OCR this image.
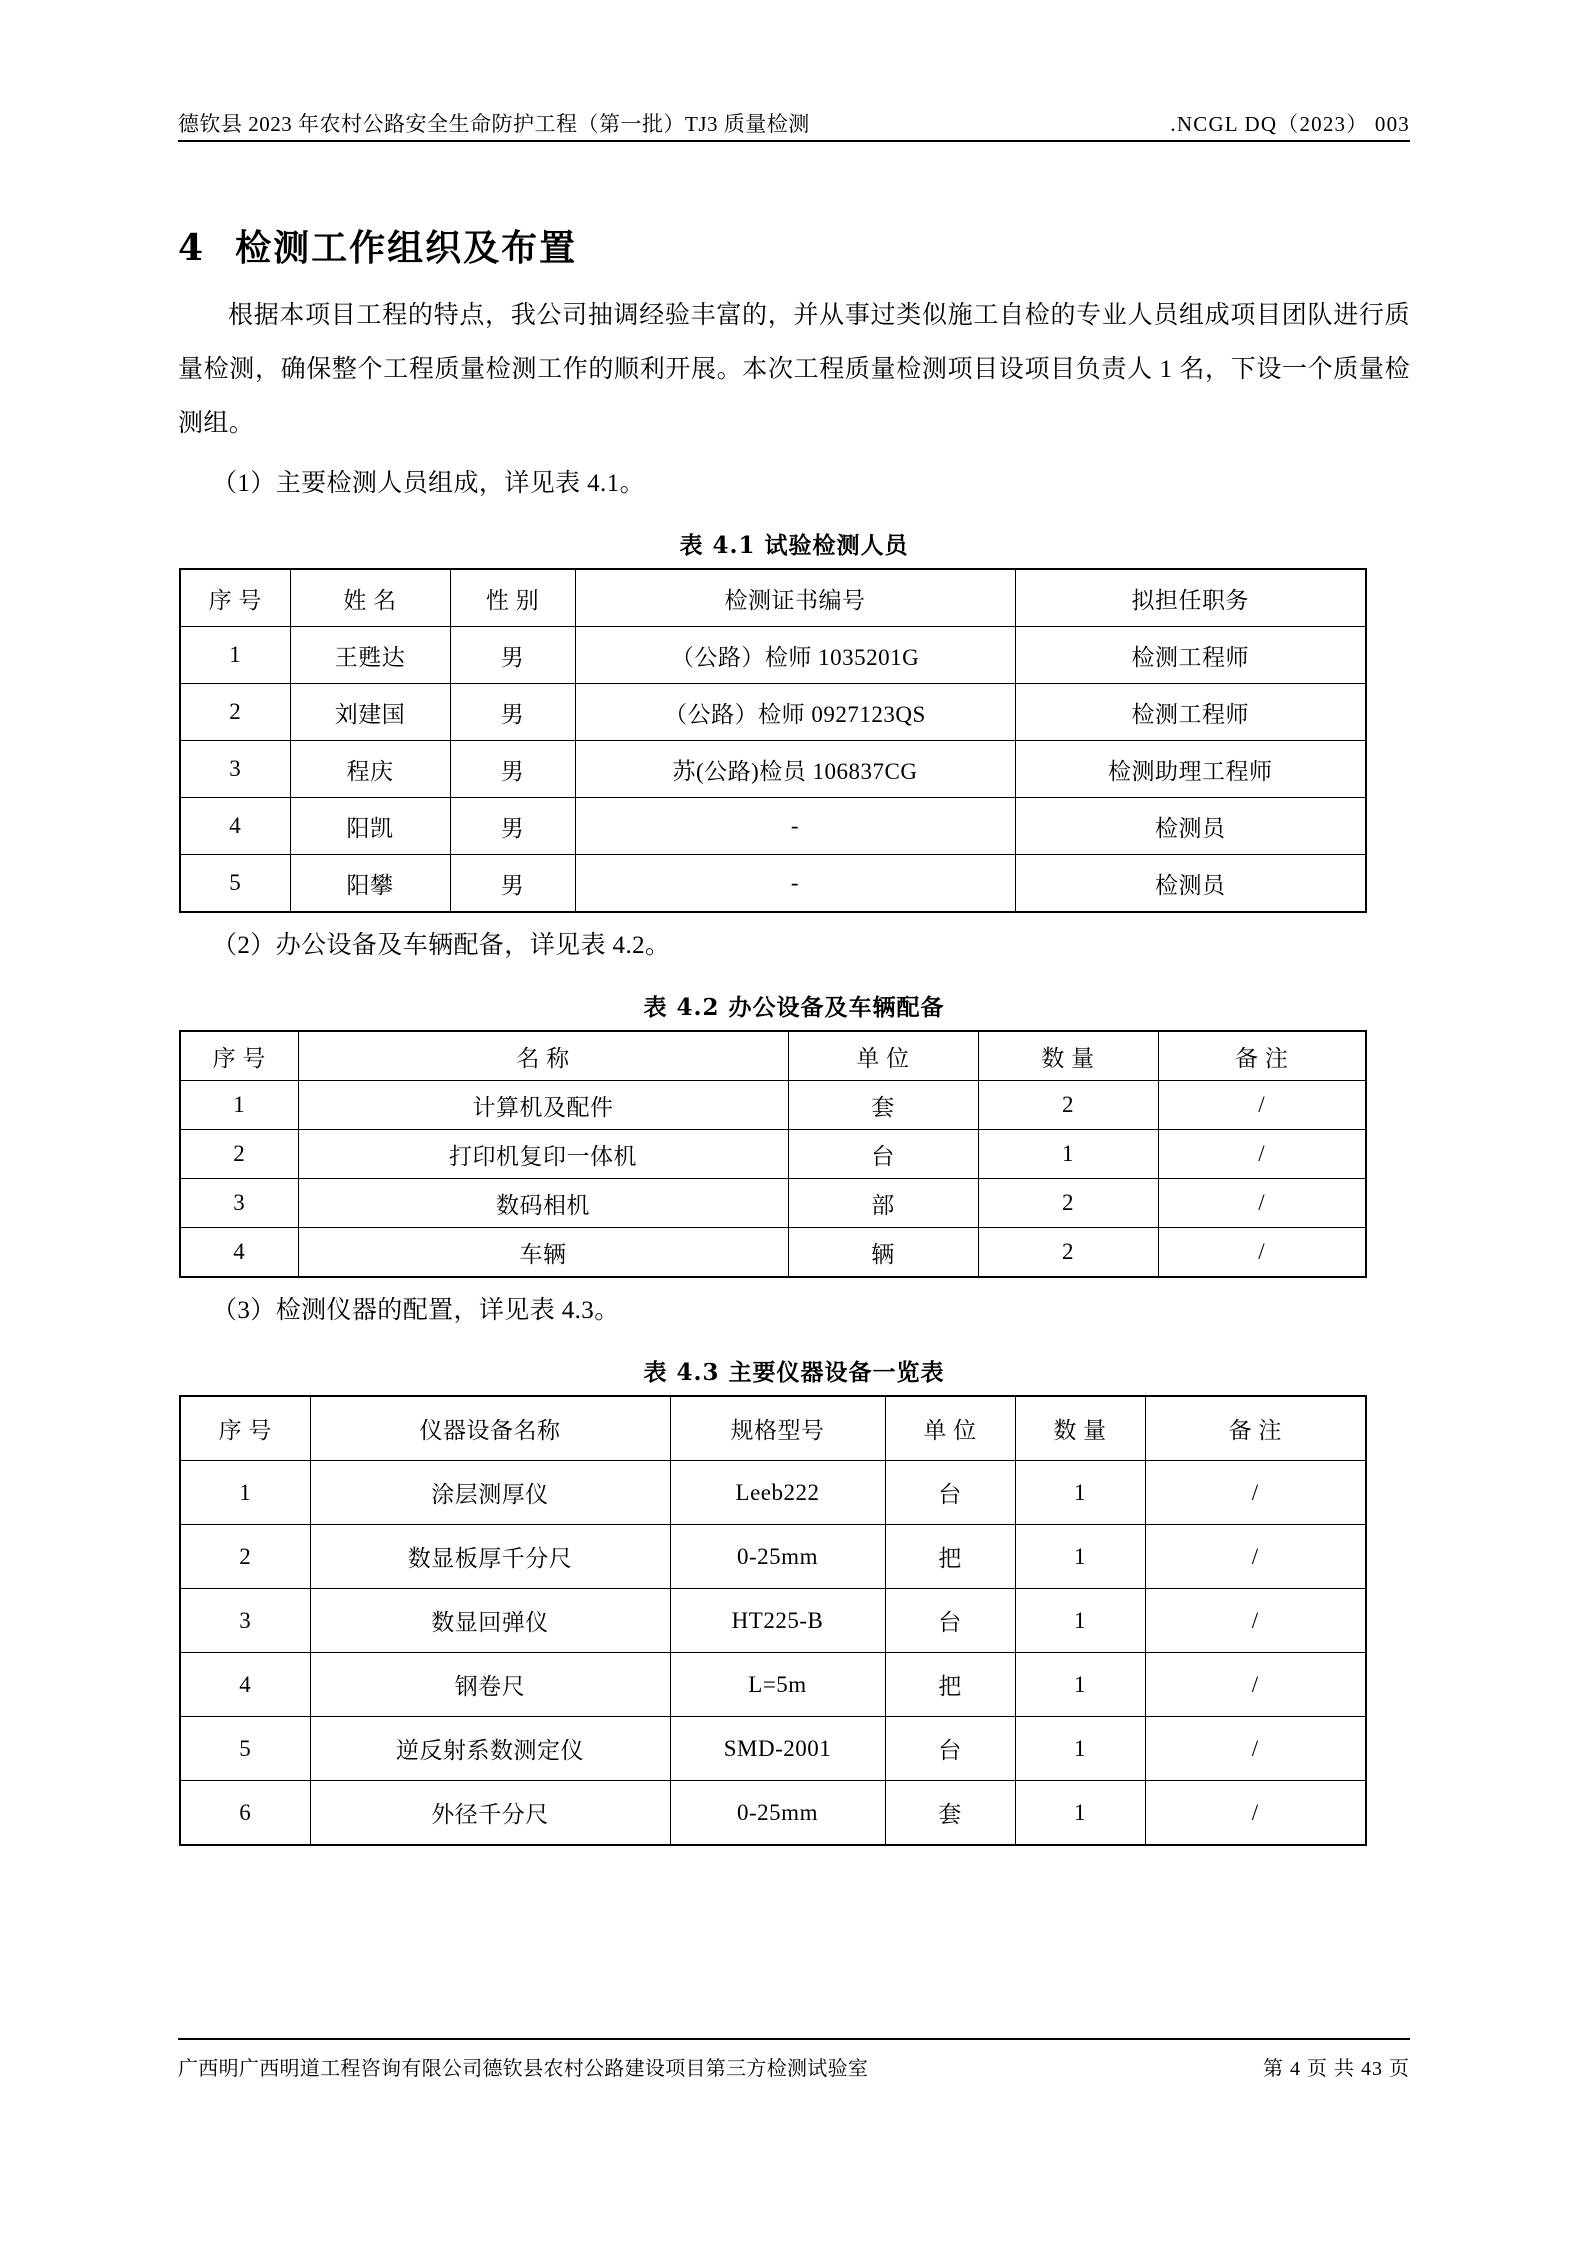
德钦县 2023 年农村公路安全生命防护工程（第一批）TJ3 质量检测	.NCGL DQ（2023） 003
4 检测工作组织及布置

根据本项目工程的特点，我公司抽调经验丰富的，并从事过类似施工自检的专业人员组成项目团队进行质量检测，确保整个工程质量检测工作的顺利开展。本次工程质量检测项目设项目负责人 1 名，下设一个质量检测组。

（1）主要检测人员组成，详见表 4.1。

表 4.1 试验检测人员
序 号	姓 名	性 别	检测证书编号	拟担任职务
1	王甦达	男	（公路）检师 1035201G	检测工程师
2	刘建国	男	（公路）检师 0927123QS	检测工程师
3	程庆	男	苏(公路)检员 106837CG	检测助理工程师
4	阳凯	男	-	检测员
5	阳攀	男	-	检测员

（2）办公设备及车辆配备，详见表 4.2。

表 4.2 办公设备及车辆配备
序 号	名 称	单 位	数 量	备 注
1	计算机及配件	套	2	/
2	打印机复印一体机	台	1	/
3	数码相机	部	2	/
4	车辆	辆	2	/

（3）检测仪器的配置，详见表 4.3。

表 4.3 主要仪器设备一览表
序 号	仪器设备名称	规格型号	单 位	数 量	备 注
1	涂层测厚仪	Leeb222	台	1	/
2	数显板厚千分尺	0-25mm	把	1	/
3	数显回弹仪	HT225-B	台	1	/
4	钢卷尺	L=5m	把	1	/
5	逆反射系数测定仪	SMD-2001	台	1	/
6	外径千分尺	0-25mm	套	1	/
广西明广西明道工程咨询有限公司德钦县农村公路建设项目第三方检测试验室	第 4 页 共 43 页
